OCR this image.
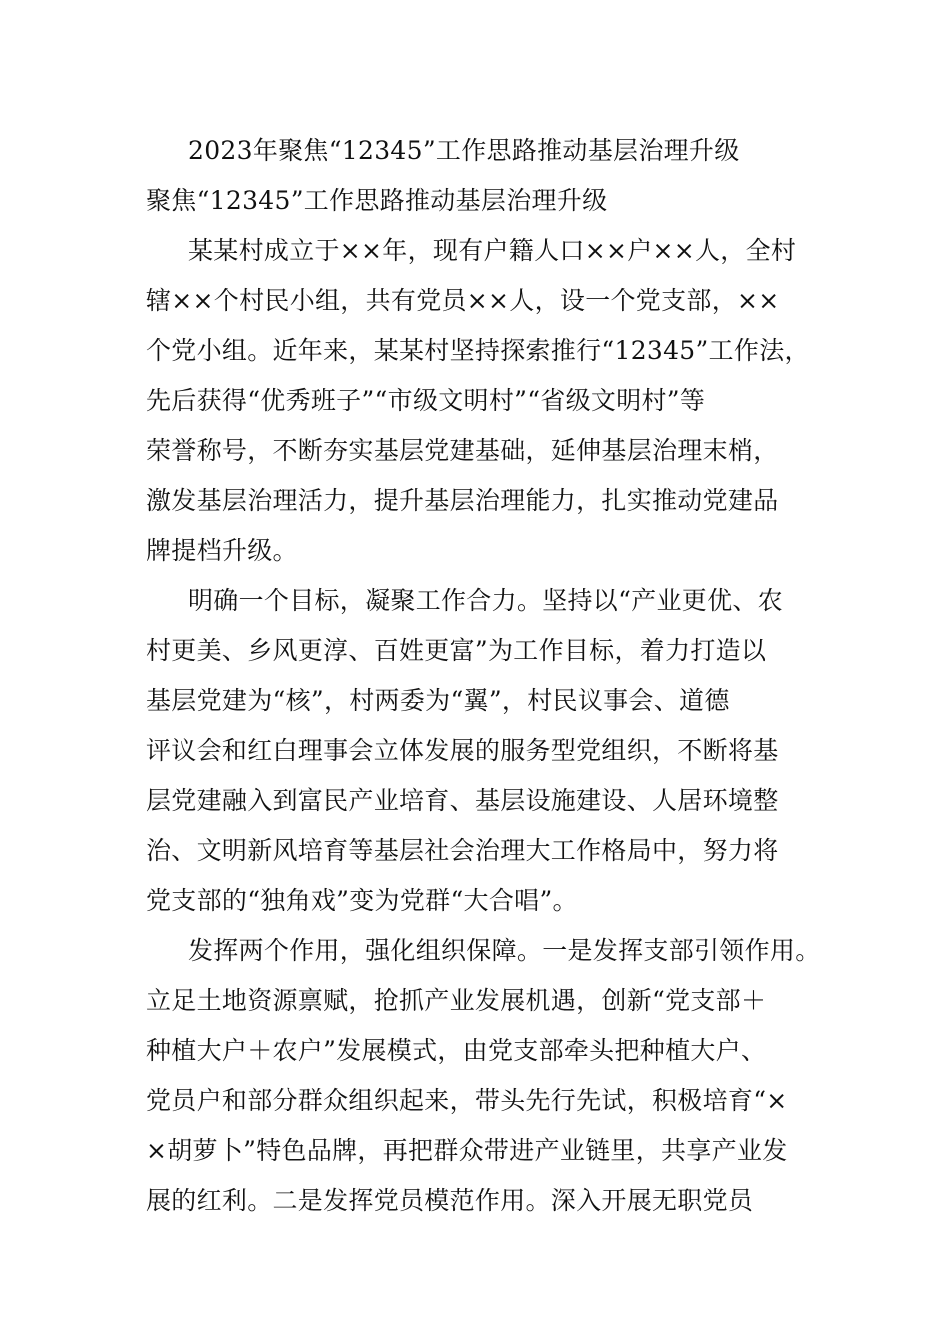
2023年聚焦“12345”工作思路推动基层治理升级
聚焦“12345”工作思路推动基层治理升级
某某村成立于××年，现有户籍人口××户××人，全村
辖××个村民小组，共有党员××人，设一个党支部，××
个党小组。近年来，某某村坚持探索推行“12345”工作法，
先后获得“优秀班子”“市级文明村”“省级文明村”等
荣誉称号，不断夯实基层党建基础，延伸基层治理末梢，
激发基层治理活力，提升基层治理能力，扎实推动党建品
牌提档升级。
明确一个目标，凝聚工作合力。坚持以“产业更优、农
村更美、乡风更淳、百姓更富”为工作目标，着力打造以
基层党建为“核”，村两委为“翼”，村民议事会、道德
评议会和红白理事会立体发展的服务型党组织，不断将基
层党建融入到富民产业培育、基层设施建设、人居环境整
治、文明新风培育等基层社会治理大工作格局中，努力将
党支部的“独角戏”变为党群“大合唱”。
发挥两个作用，强化组织保障。一是发挥支部引领作用。
立足土地资源禀赋，抢抓产业发展机遇，创新“党支部＋
种植大户＋农户”发展模式，由党支部牵头把种植大户、
党员户和部分群众组织起来，带头先行先试，积极培育“×
×胡萝卜”特色品牌，再把群众带进产业链里，共享产业发
展的红利。二是发挥党员模范作用。深入开展无职党员
